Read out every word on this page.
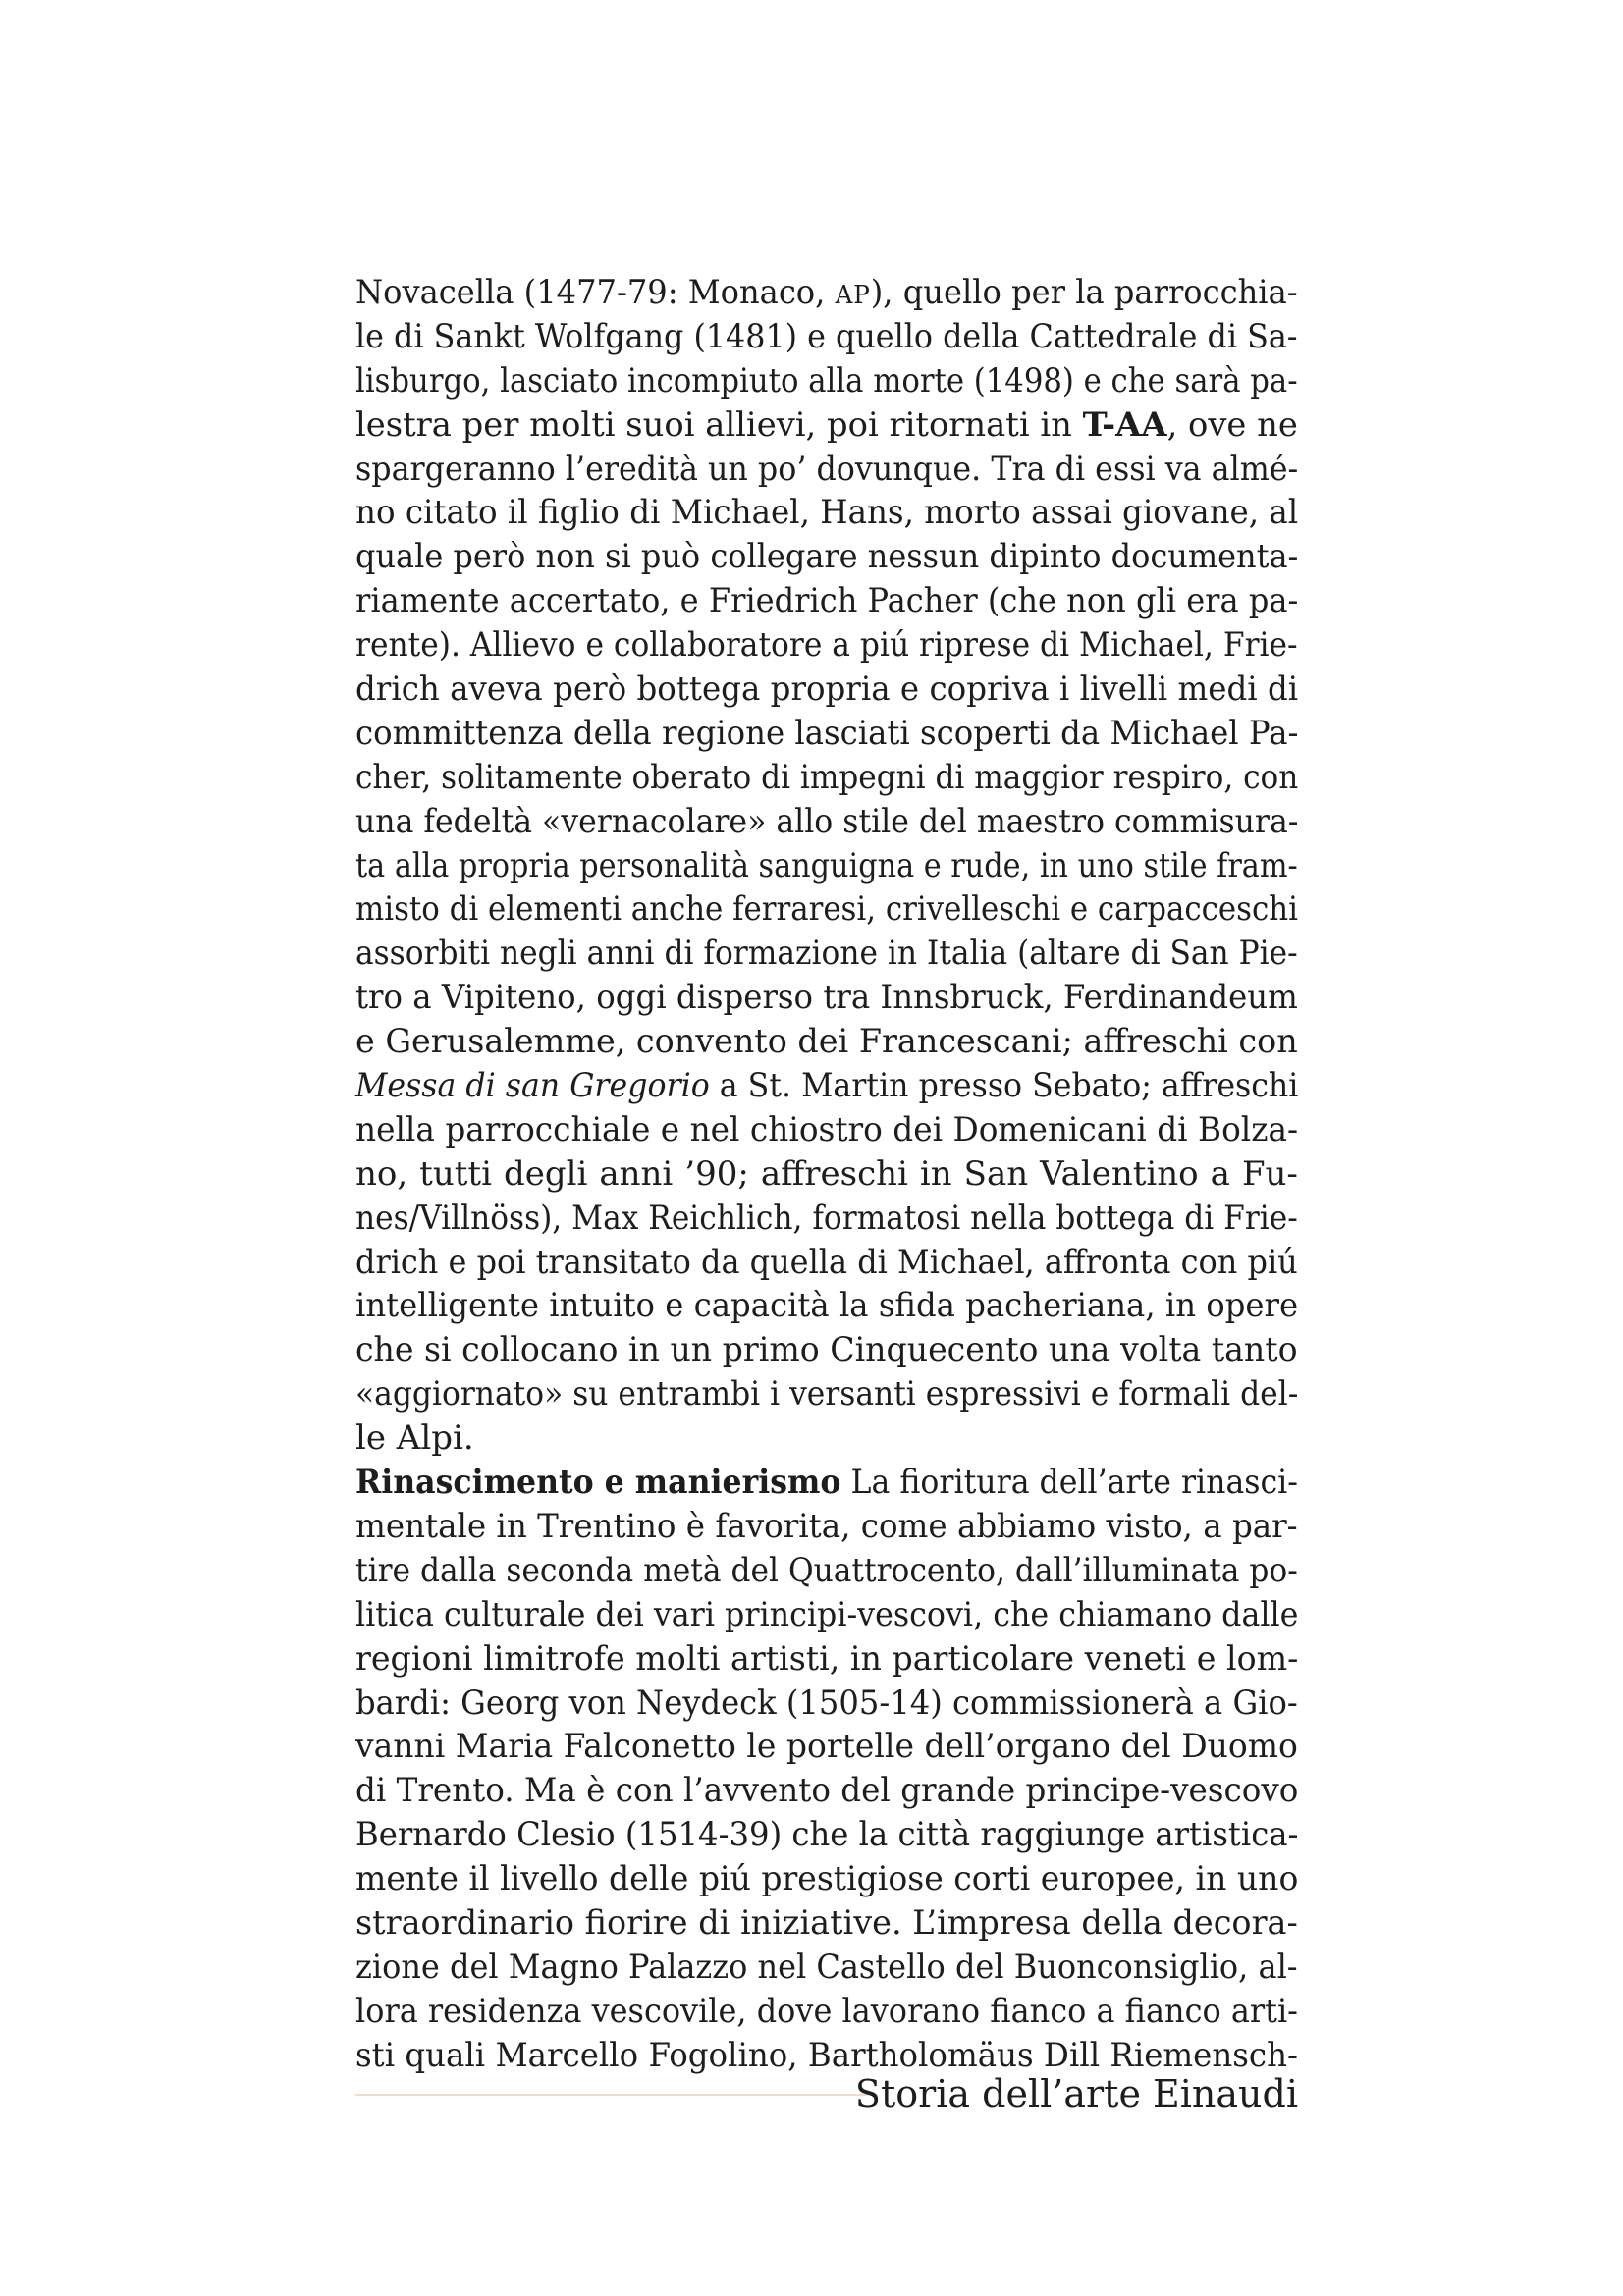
Novacella (1477-79: Monaco, AP), quello per la parrocchia-
le di Sankt Wolfgang (1481) e quello della Cattedrale di Sa-
lisburgo, lasciato incompiuto alla morte (1498) e che sarà pa-
lestra per molti suoi allievi, poi ritornati in T-AA, ove ne
spargeranno l’eredità un po’ dovunque. Tra di essi va almé-
no citato il figlio di Michael, Hans, morto assai giovane, al
quale però non si può collegare nessun dipinto documenta-
riamente accertato, e Friedrich Pacher (che non gli era pa-
rente). Allievo e collaboratore a piú riprese di Michael, Frie-
drich aveva però bottega propria e copriva i livelli medi di
committenza della regione lasciati scoperti da Michael Pa-
cher, solitamente oberato di impegni di maggior respiro, con
una fedeltà «vernacolare» allo stile del maestro commisura-
ta alla propria personalità sanguigna e rude, in uno stile fram-
misto di elementi anche ferraresi, crivelleschi e carpacceschi
assorbiti negli anni di formazione in Italia (altare di San Pie-
tro a Vipiteno, oggi disperso tra Innsbruck, Ferdinandeum
e Gerusalemme, convento dei Francescani; affreschi con
Messa di san Gregorio a St. Martin presso Sebato; affreschi
nella parrocchiale e nel chiostro dei Domenicani di Bolza-
no, tutti degli anni ’90; affreschi in San Valentino a Fu-
nes/Villnöss), Max Reichlich, formatosi nella bottega di Frie-
drich e poi transitato da quella di Michael, affronta con piú
intelligente intuito e capacità la sfida pacheriana, in opere
che si collocano in un primo Cinquecento una volta tanto
«aggiornato» su entrambi i versanti espressivi e formali del-
le Alpi.
Rinascimento e manierismo La fioritura dell’arte rinasci-
mentale in Trentino è favorita, come abbiamo visto, a par-
tire dalla seconda metà del Quattrocento, dall’illuminata po-
litica culturale dei vari principi-vescovi, che chiamano dalle
regioni limitrofe molti artisti, in particolare veneti e lom-
bardi: Georg von Neydeck (1505-14) commissionerà a Gio-
vanni Maria Falconetto le portelle dell’organo del Duomo
di Trento. Ma è con l’avvento del grande principe-vescovo
Bernardo Clesio (1514-39) che la città raggiunge artistica-
mente il livello delle piú prestigiose corti europee, in uno
straordinario fiorire di iniziative. L’impresa della decora-
zione del Magno Palazzo nel Castello del Buonconsiglio, al-
lora residenza vescovile, dove lavorano fianco a fianco arti-
sti quali Marcello Fogolino, Bartholomäus Dill Riemensch-
Storia dell’arte Einaudi
